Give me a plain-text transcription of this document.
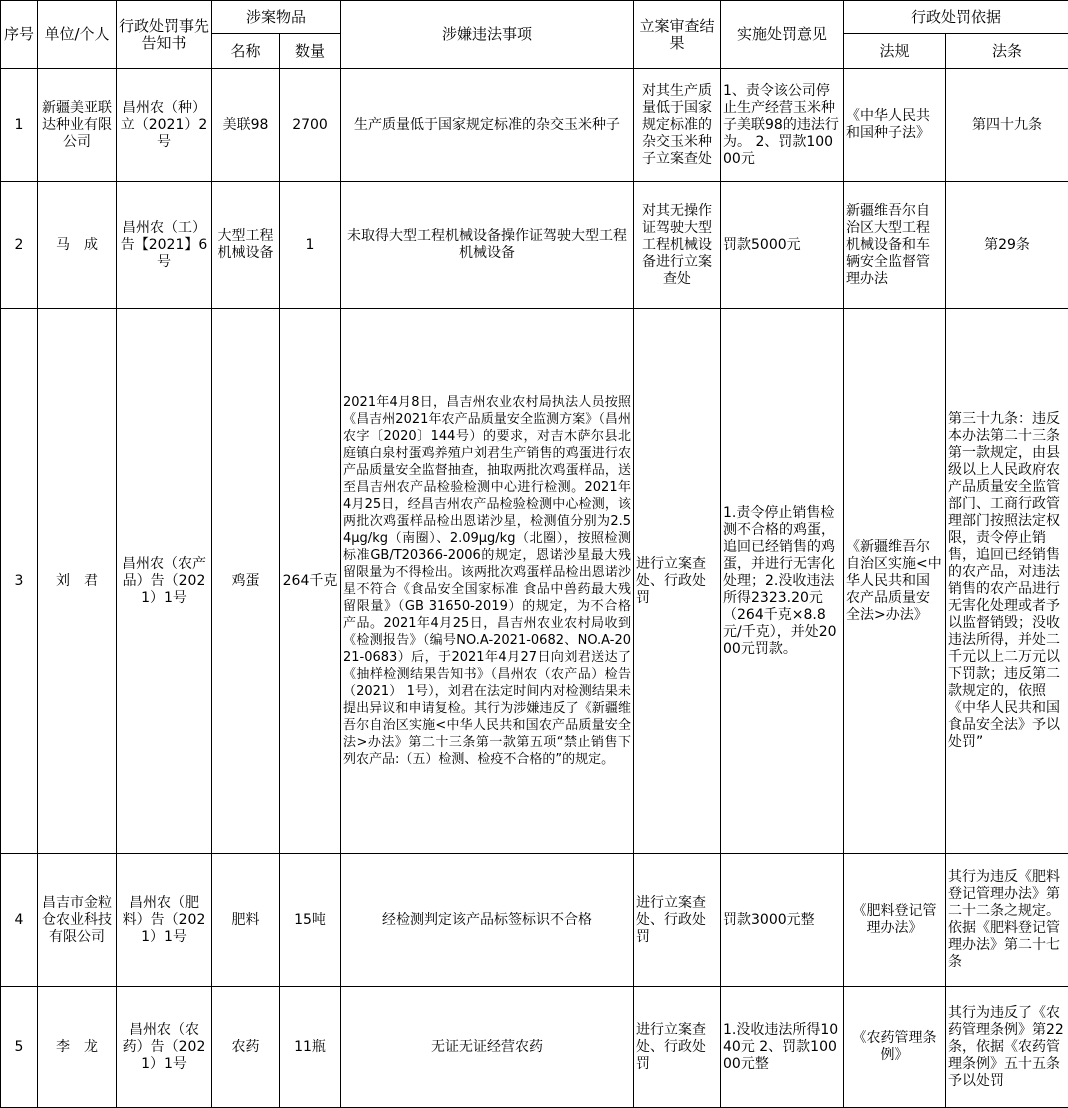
序号	单位/个人	行政处罚事先告知书	涉案物品		涉嫌违法事项	立案审查结果	实施处罚意见	行政处罚依据	
			名称	数量				法规	法条
1	新疆美亚联达种业有限公司	昌州农（种）立（2021）2号	美联98	2700	生产质量低于国家规定标准的杂交玉米种子	对其生产质量低于国家规定标准的杂交玉米种子立案查处	1、责令该公司停止生产经营玉米种子美联98的违法行为。 2、罚款10000元	《中华人民共和国种子法》	第四十九条
2	马　成	昌州农（工）告【2021】6号	大型工程机械设备	1	未取得大型工程机械设备操作证驾驶大型工程机械设备	对其无操作证驾驶大型工程机械设备进行立案查处	罚款5000元	新疆维吾尔自治区大型工程机械设备和车辆安全监督管理办法	第29条
3	刘　君	昌州农（农产品）告（2021）1号	鸡蛋	264千克	2021年4月8日，昌吉州农业农村局执法人员按照《昌吉州2021年农产品质量安全监测方案》（昌州农字〔2020〕144号）的要求，对吉木萨尔县北庭镇白泉村蛋鸡养殖户刘君生产销售的鸡蛋进行农产品质量安全监督抽查，抽取两批次鸡蛋样品，送至昌吉州农产品检验检测中心进行检测。2021年4月25日，经昌吉州农产品检验检测中心检测，该两批次鸡蛋样品检出恩诺沙星，检测值分别为2.54μg/kg（南圈）、2.09μg/kg（北圈），按照检测标准GB/T20366-2006的规定，恩诺沙星最大残留限量为不得检出。该两批次鸡蛋样品检出恩诺沙星不符合《食品安全国家标准 食品中兽药最大残留限量》（GB 31650-2019）的规定，为不合格产品。2021年4月25日，昌吉州农业农村局收到《检测报告》（编号NO.A-2021-0682、NO.A-2021-0683）后，于2021年4月27日向刘君送达了《抽样检测结果告知书》（昌州农（农产品）检告（2021） 1号），刘君在法定时间内对检测结果未提出异议和申请复检。其行为涉嫌违反了《新疆维吾尔自治区实施<中华人民共和国农产品质量安全法>办法》第二十三条第一款第五项“禁止销售下列农产品:（五）检测、检疫不合格的”的规定。	进行立案查处、行政处罚	1.责令停止销售检测不合格的鸡蛋，追回已经销售的鸡蛋，并进行无害化处理；2.没收违法所得2323.20元（264千克×8.8元/千克），并处2000元罚款。	《新疆维吾尔自治区实施<中华人民共和国农产品质量安全法>办法》	第三十九条：违反本办法第二十三条第一款规定，由县级以上人民政府农产品质量安全监管部门、工商行政管理部门按照法定权限，责令停止销售，追回已经销售的农产品，对违法销售的农产品进行无害化处理或者予以监督销毁；没收违法所得，并处二千元以上二万元以下罚款；违反第二款规定的，依照《中华人民共和国食品安全法》予以处罚”
4	昌吉市金粒仓农业科技有限公司	昌州农（肥料）告（2021）1号	肥料	15吨	经检测判定该产品标签标识不合格	进行立案查处、行政处罚	罚款3000元整	《肥料登记管理办法》	其行为违反《肥料登记管理办法》第二十二条之规定。依据《肥料登记管理办法》第二十七条
5	李　龙	昌州农（农药）告（2021）1号	农药	11瓶	无证无证经营农药	进行立案查处、行政处罚	1.没收违法所得1040元 2、罚款10000元整	《农药管理条例》	其行为违反了《农药管理条例》第22条，依据《农药管理条例》五十五条予以处罚
